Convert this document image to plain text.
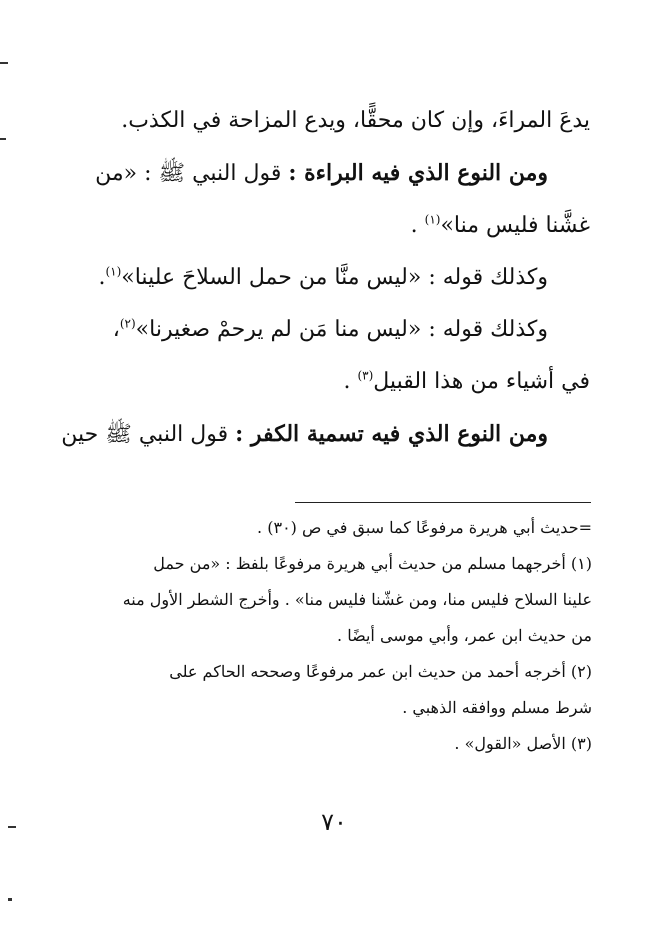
يدعَ المراءَ، وإن كان محقًّا، ويدع المزاحة في الكذب.
ومن النوع الذي فيه البراءة : قول النبي ﷺ : «من
غشَّنا فليس منا»$^{(١)}$ .
وكذلك قوله : «ليس منَّا من حمل السلاحَ علينا»$^{(١)}$.
وكذلك قوله : «ليس منا مَن لم يرحمْ صغيرنا»$^{(٢)}$،
في أشياء من هذا القبيل$^{(٣)}$ .
ومن النوع الذي فيه تسمية الكفر : قول النبي ﷺ حين
=حديث أبي هريرة مرفوعًا كما سبق في ص (٣٠) .
(١) أخرجهما مسلم من حديث أبي هريرة مرفوعًا بلفظ : «من حمل
علينا السلاح فليس منا، ومن غشّنا فليس منا» . وأخرج الشطر الأول منه
من حديث ابن عمر، وأبي موسى أيضًا .
(٢) أخرجه أحمد من حديث ابن عمر مرفوعًا وصححه الحاكم على
شرط مسلم ووافقه الذهبي .
(٣) الأصل «القول» .
٧٠
